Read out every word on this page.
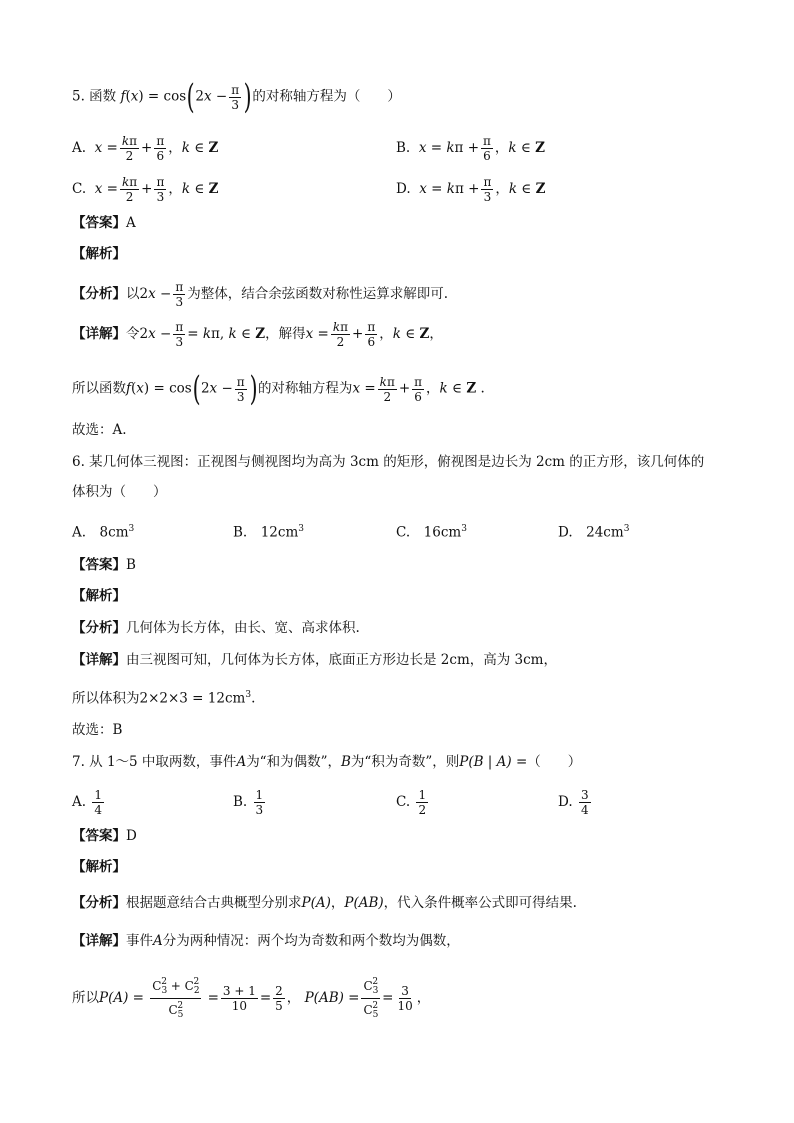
5. 函数 $f(x) = \cos(2x - \frac{\pi}{3}$ )的对称轴方程为（　　）
A. $x = \frac{k\pi}{2} + \frac{\pi}{6}$ ，k ∈ Z	B. $x = k\pi + \frac{\pi}{6}$ ，k ∈ Z
C. $x = \frac{k\pi}{2} + \frac{\pi}{3}$ ，k ∈ Z	D. $x = k\pi + \frac{\pi}{3}$ ，k ∈ Z
【答案】A
【解析】
【分析】以$2x - \frac{\pi}{3}$ 为整体，结合余弦函数对称性运算求解即可.
【详解】令$2x - \frac{\pi}{3} = k\pi$, k ∈ Z，解得$x = \frac{k\pi}{2} + \frac{\pi}{6}$ ，k ∈ Z，
所以函数$f(x) = \cos(2x - \frac{\pi}{3}$ )的对称轴方程为$x = \frac{k\pi}{2} + \frac{\pi}{6}$ ，k ∈ Z .
故选：A.
6. 某几何体三视图：正视图与侧视图均为高为 3cm 的矩形，俯视图是边长为 2cm 的正方形，该几何体的
体积为（　　）
A.　$8cm^3$	B.　$12cm^3$	C.　$16cm^3$	D.　$24cm^3$
【答案】B
【解析】
【分析】几何体为长方体，由长、宽、高求体积.
【详解】由三视图可知，几何体为长方体，底面正方形边长是 2cm，高为 3cm，
所以体积为$2\times 2\times 3 = 12cm^3$.
故选：B
7. 从 1～5 中取两数，事件A为“和为偶数”，B为“积为奇数”，则P(B | A) =（　　）
A. $\frac{1}{4}$	B. $\frac{1}{3}$	C. $\frac{1}{2}$	D. $\frac{3}{4}$
【答案】D
【解析】
【分析】根据题意结合古典概型分别求P(A)，P(AB)，代入条件概率公式即可得结果.
【详解】事件A分为两种情况：两个均为奇数和两个数均为偶数，
所以$P(A) = \frac{C_3^2 + C_2^2}{C_5^2} = \frac{3 + 1}{10} = \frac{2}{5}$ ， $P(AB) = \frac{C_3^2}{C_5^2} = \frac{3}{10}$ ，
